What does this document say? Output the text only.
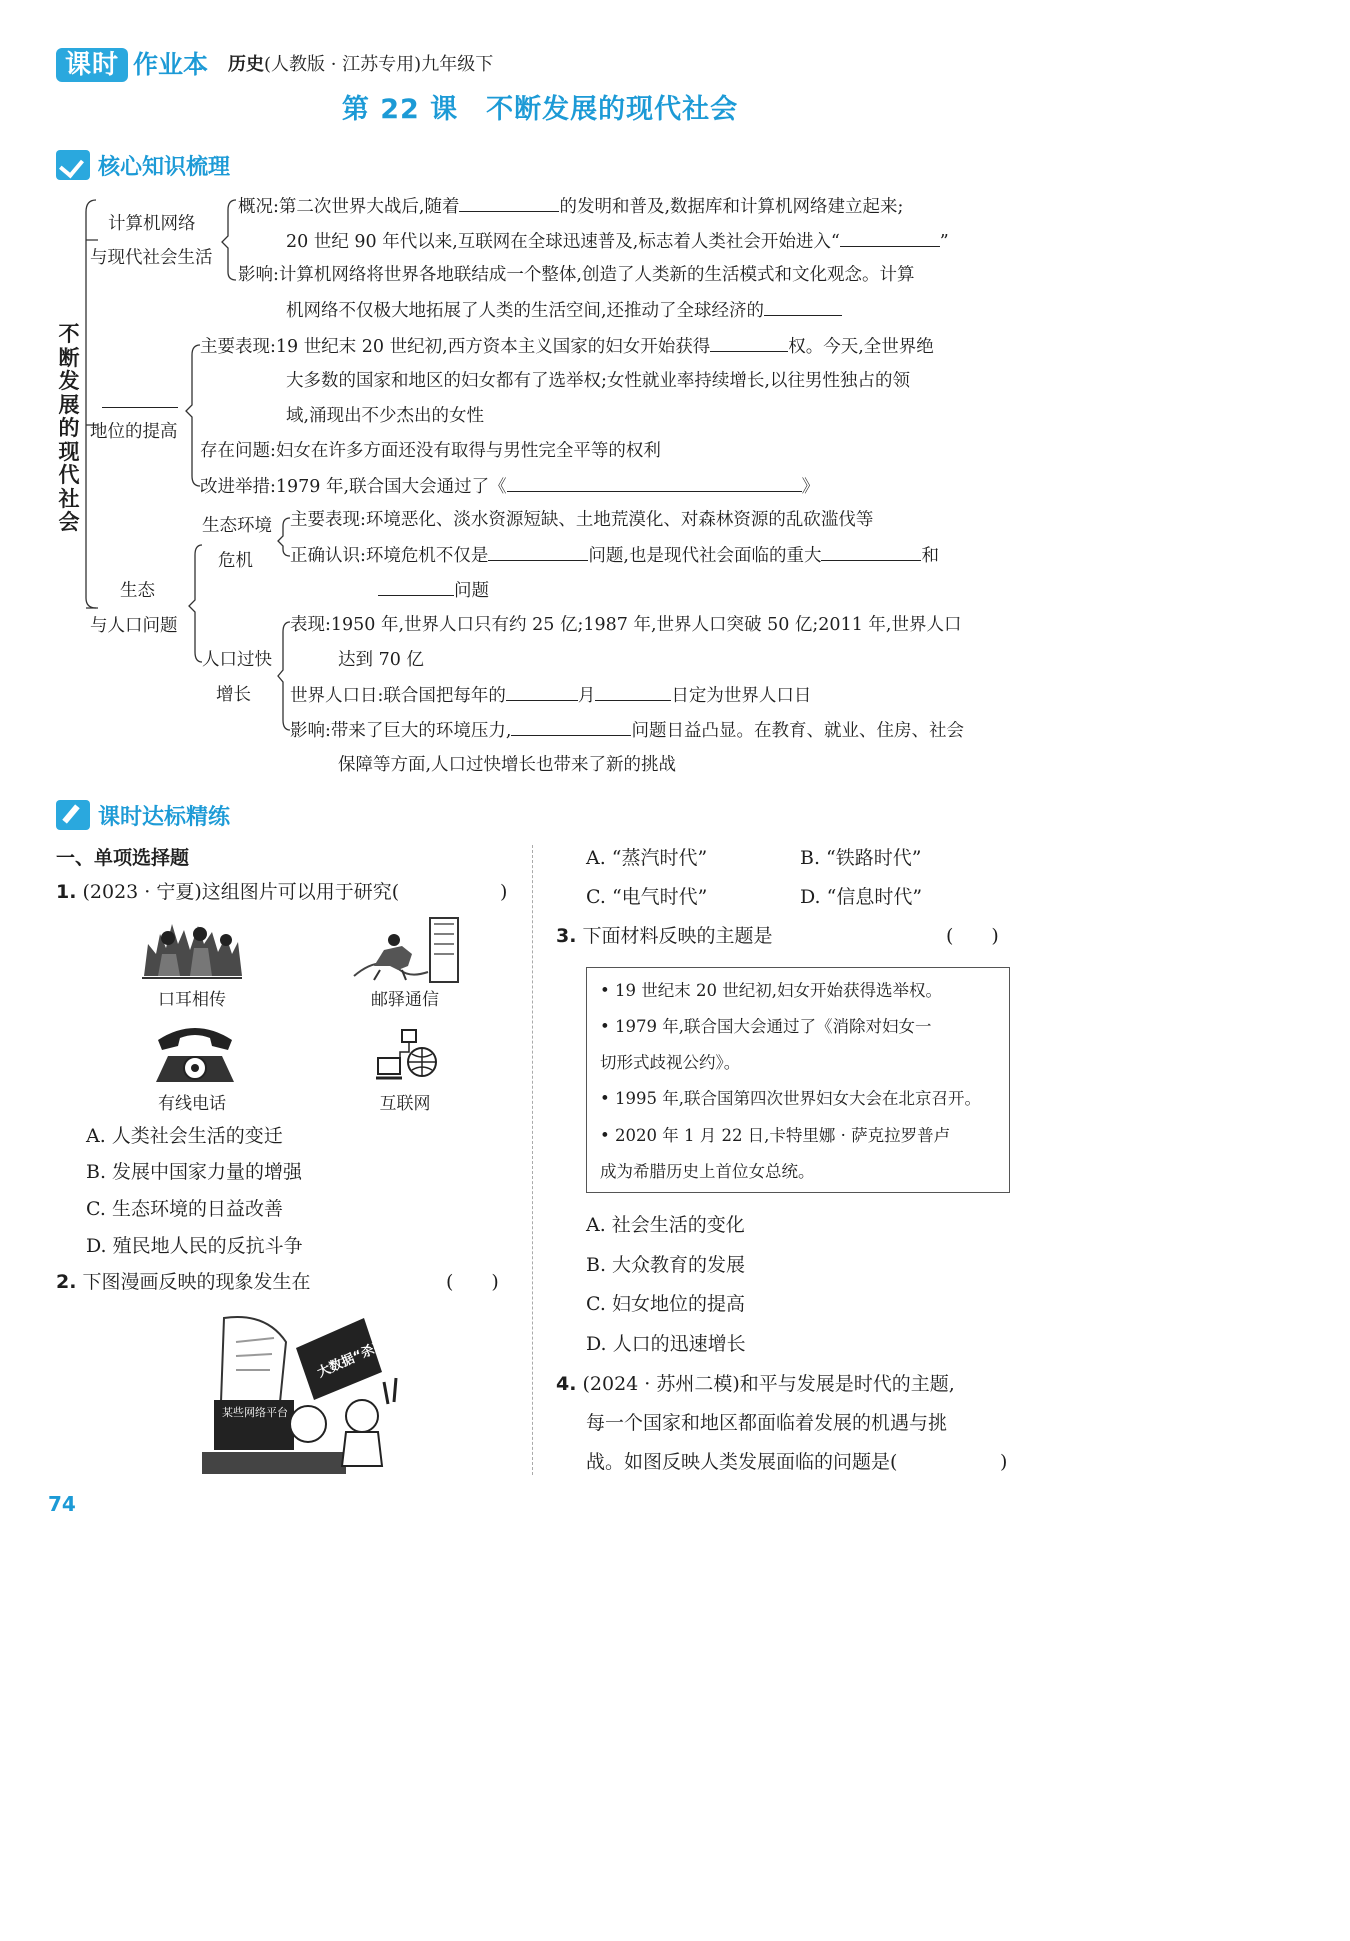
课时 作业本 历史(人教版 · 江苏专用)九年级下
第 22 课　不断发展的现代社会
核心知识梳理
不断发展的现代社会
计算机网络
与现代社会生活
概况:第二次世界大战后,随着	的发明和普及,数据库和计算机网络建立起来;
20 世纪 90 年代以来,互联网在全球迅速普及,标志着人类社会开始进入“	”
影响:计算机网络将世界各地联结成一个整体,创造了人类新的生活模式和文化观念。计算
机网络不仅极大地拓展了人类的生活空间,还推动了全球经济的
地位的提高
主要表现:19 世纪末 20 世纪初,西方资本主义国家的妇女开始获得	权。今天,全世界绝
大多数的国家和地区的妇女都有了选举权;女性就业率持续增长,以往男性独占的领
域,涌现出不少杰出的女性
存在问题:妇女在许多方面还没有取得与男性完全平等的权利
改进举措:1979 年,联合国大会通过了《	》
生态
与人口问题
生态环境
危机
主要表现:环境恶化、淡水资源短缺、土地荒漠化、对森林资源的乱砍滥伐等
正确认识:环境危机不仅是	问题,也是现代社会面临的重大	和
问题
人口过快
增长
表现:1950 年,世界人口只有约 25 亿;1987 年,世界人口突破 50 亿;2011 年,世界人口
达到 70 亿
世界人口日:联合国把每年的	月	日定为世界人口日
影响:带来了巨大的环境压力,	问题日益凸显。在教育、就业、住房、社会
保障等方面,人口过快增长也带来了新的挑战
课时达标精练
一、单项选择题
1. (2023 · 宁夏)这组图片可以用于研究(	)
口耳相传	邮驿通信
有线电话	互联网
A. 人类社会生活的变迁
B. 发展中国家力量的增强
C. 生态环境的日益改善
D. 殖民地人民的反抗斗争
2. 下图漫画反映的现象发生在	(　　)
大数据“杀熟”
某些网络平台
A. “蒸汽时代”	B. “铁路时代”
C. “电气时代”	D. “信息时代”
3. 下面材料反映的主题是	(　　)
• 19 世纪末 20 世纪初,妇女开始获得选举权。
• 1979 年,联合国大会通过了《消除对妇女一
切形式歧视公约》。
• 1995 年,联合国第四次世界妇女大会在北京召开。
• 2020 年 1 月 22 日,卡特里娜 · 萨克拉罗普卢
成为希腊历史上首位女总统。
A. 社会生活的变化
B. 大众教育的发展
C. 妇女地位的提高
D. 人口的迅速增长
4. (2024 · 苏州二模)和平与发展是时代的主题,
每一个国家和地区都面临着发展的机遇与挑
战。如图反映人类发展面临的问题是(	)
74
